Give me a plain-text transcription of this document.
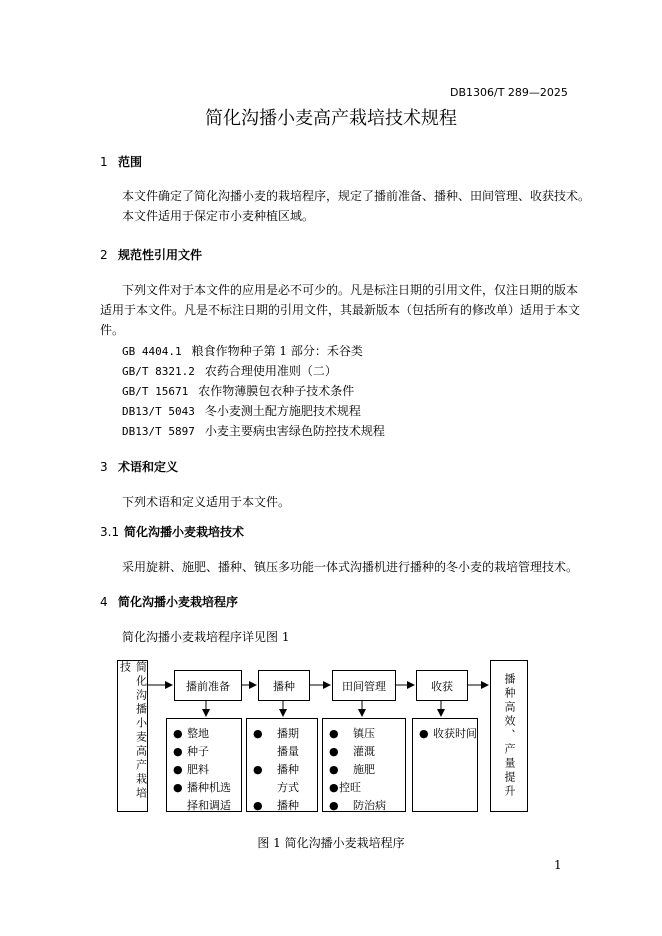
DB1306/T 289—2025
简化沟播小麦高产栽培技术规程
1 范围
本文件确定了简化沟播小麦的栽培程序，规定了播前准备、播种、田间管理、收获技术。
本文件适用于保定市小麦种植区域。
2 规范性引用文件
下列文件对于本文件的应用是必不可少的。凡是标注日期的引用文件，仅注日期的版本
适用于本文件。凡是不标注日期的引用文件，其最新版本（包括所有的修改单）适用于本文
件。
GB 4404.1 粮食作物种子第 1 部分：禾谷类
GB/T 8321.2 农药合理使用准则（二）
GB/T 15671 农作物薄膜包衣种子技术条件
DB13/T 5043 冬小麦测土配方施肥技术规程
DB13/T 5897 小麦主要病虫害绿色防控技术规程
3 术语和定义
下列术语和定义适用于本文件。
3.1 简化沟播小麦栽培技术
采用旋耕、施肥、播种、镇压多功能一体式沟播机进行播种的冬小麦的栽培管理技术。
4 简化沟播小麦栽培程序
简化沟播小麦栽培程序详见图 1
简化沟播小麦高产栽培技
播前准备	播种	田间管理	收获	播种高效、产量提升
● 整地
● 种子
● 肥料
● 播种机选
择和调适
● 播期
播量
● 播种
方式
● 播种
● 镇压
● 灌溉
● 施肥
●控旺
● 防治病
● 收获时间
图 1 简化沟播小麦栽培程序
1
